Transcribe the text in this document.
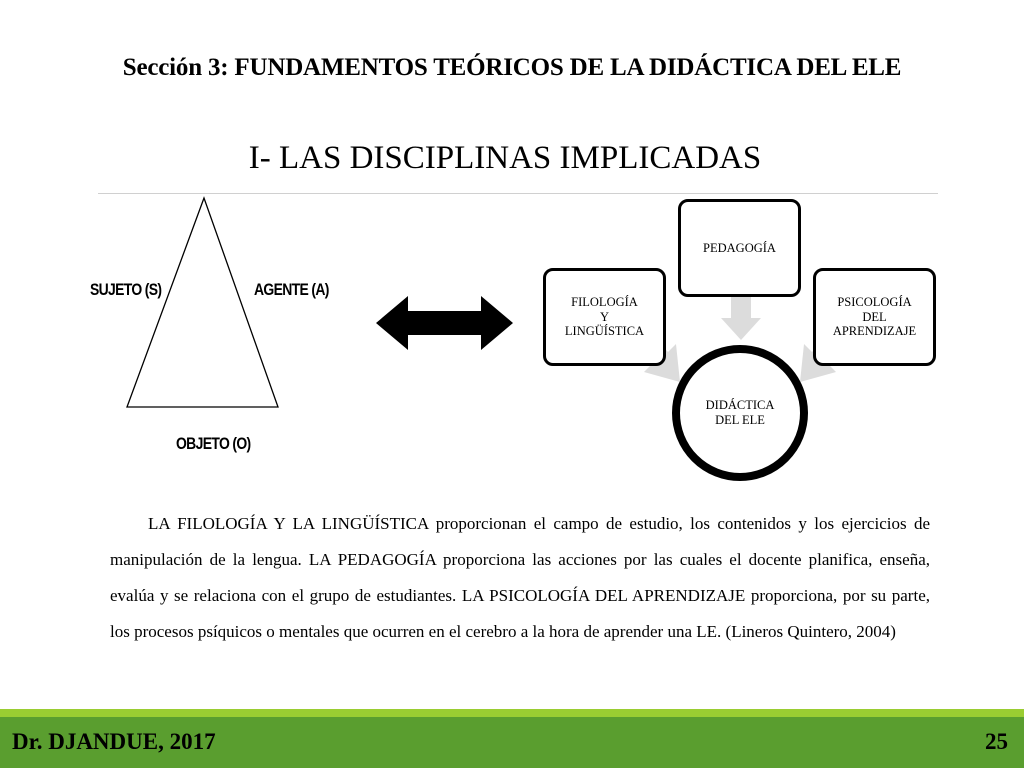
Sección 3: FUNDAMENTOS TEÓRICOS DE LA DIDÁCTICA DEL ELE
I- LAS DISCIPLINAS IMPLICADAS
SUJETO (S)	AGENTE (A)
OBJETO (O)
PEDAGOGÍA
FILOLOGÍA
Y
LINGÜÍSTICA
PSICOLOGÍA
DEL
APRENDIZAJE
DIDÁCTICA
DEL ELE
LA FILOLOGÍA Y LA LINGÜÍSTICA proporcionan el campo de estudio, los contenidos y los ejercicios de manipulación de la lengua. LA PEDAGOGÍA proporciona las acciones por las cuales el docente planifica, enseña, evalúa y se relaciona con el grupo de estudiantes. LA PSICOLOGÍA DEL APRENDIZAJE proporciona, por su parte, los procesos psíquicos o mentales que ocurren en el cerebro a la hora de aprender una LE. (Lineros Quintero, 2004)
Dr. DJANDUE, 2017	25
